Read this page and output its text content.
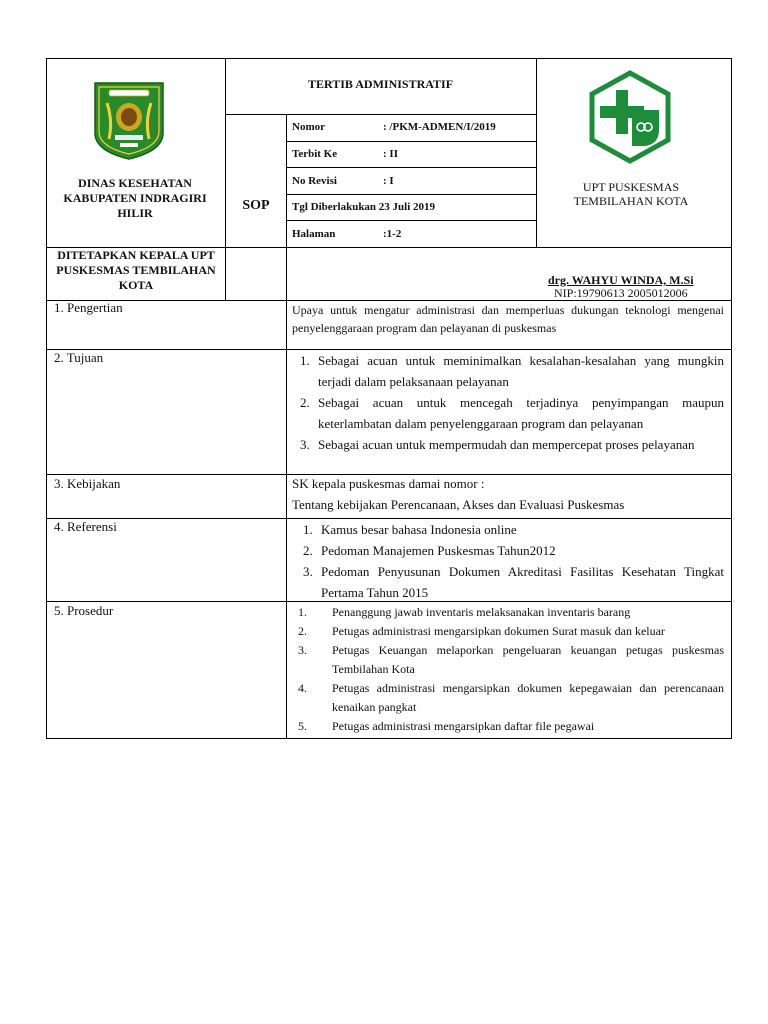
DINAS KESEHATAN KABUPATEN INDRAGIRI HILIR
DITETAPKAN KEPALA UPT PUSKESMAS TEMBILAHAN KOTA
TERTIB ADMINISTRATIF
SOP
Nomor	: /PKM-ADMEN/I/2019
Terbit Ke	: II
No Revisi	: I
Tgl Diberlakukan 23 Juli 2019
Halaman	:1-2
UPT PUSKESMAS TEMBILAHAN KOTA
drg. WAHYU WINDA, M.Si
NIP:19790613 2005012006
1. Pengertian	Upaya untuk mengatur administrasi dan memperluas dukungan teknologi mengenai penyelenggaraan program dan pelayanan di puskesmas
2. Tujuan	1. Sebagai acuan untuk meminimalkan kesalahan-kesalahan yang mungkin terjadi dalam pelaksanaan pelayanan
2. Sebagai acuan untuk mencegah terjadinya penyimpangan maupun keterlambatan dalam penyelenggaraan program dan pelayanan
3. Sebagai acuan untuk mempermudah dan mempercepat proses pelayanan
3. Kebijakan	SK kepala puskesmas damai nomor :
Tentang kebijakan Perencanaan, Akses dan Evaluasi Puskesmas
4. Referensi	1. Kamus besar bahasa Indonesia online
2. Pedoman Manajemen Puskesmas Tahun2012
3. Pedoman Penyusunan Dokumen Akreditasi Fasilitas Kesehatan Tingkat Pertama Tahun 2015
5. Prosedur	1. Penanggung jawab inventaris melaksanakan inventaris barang
2. Petugas administrasi mengarsipkan dokumen Surat masuk dan keluar
3. Petugas Keuangan melaporkan pengeluaran keuangan petugas puskesmas Tembilahan Kota
4. Petugas administrasi mengarsipkan dokumen kepegawaian dan perencanaan kenaikan pangkat
5. Petugas administrasi mengarsipkan daftar file pegawai
